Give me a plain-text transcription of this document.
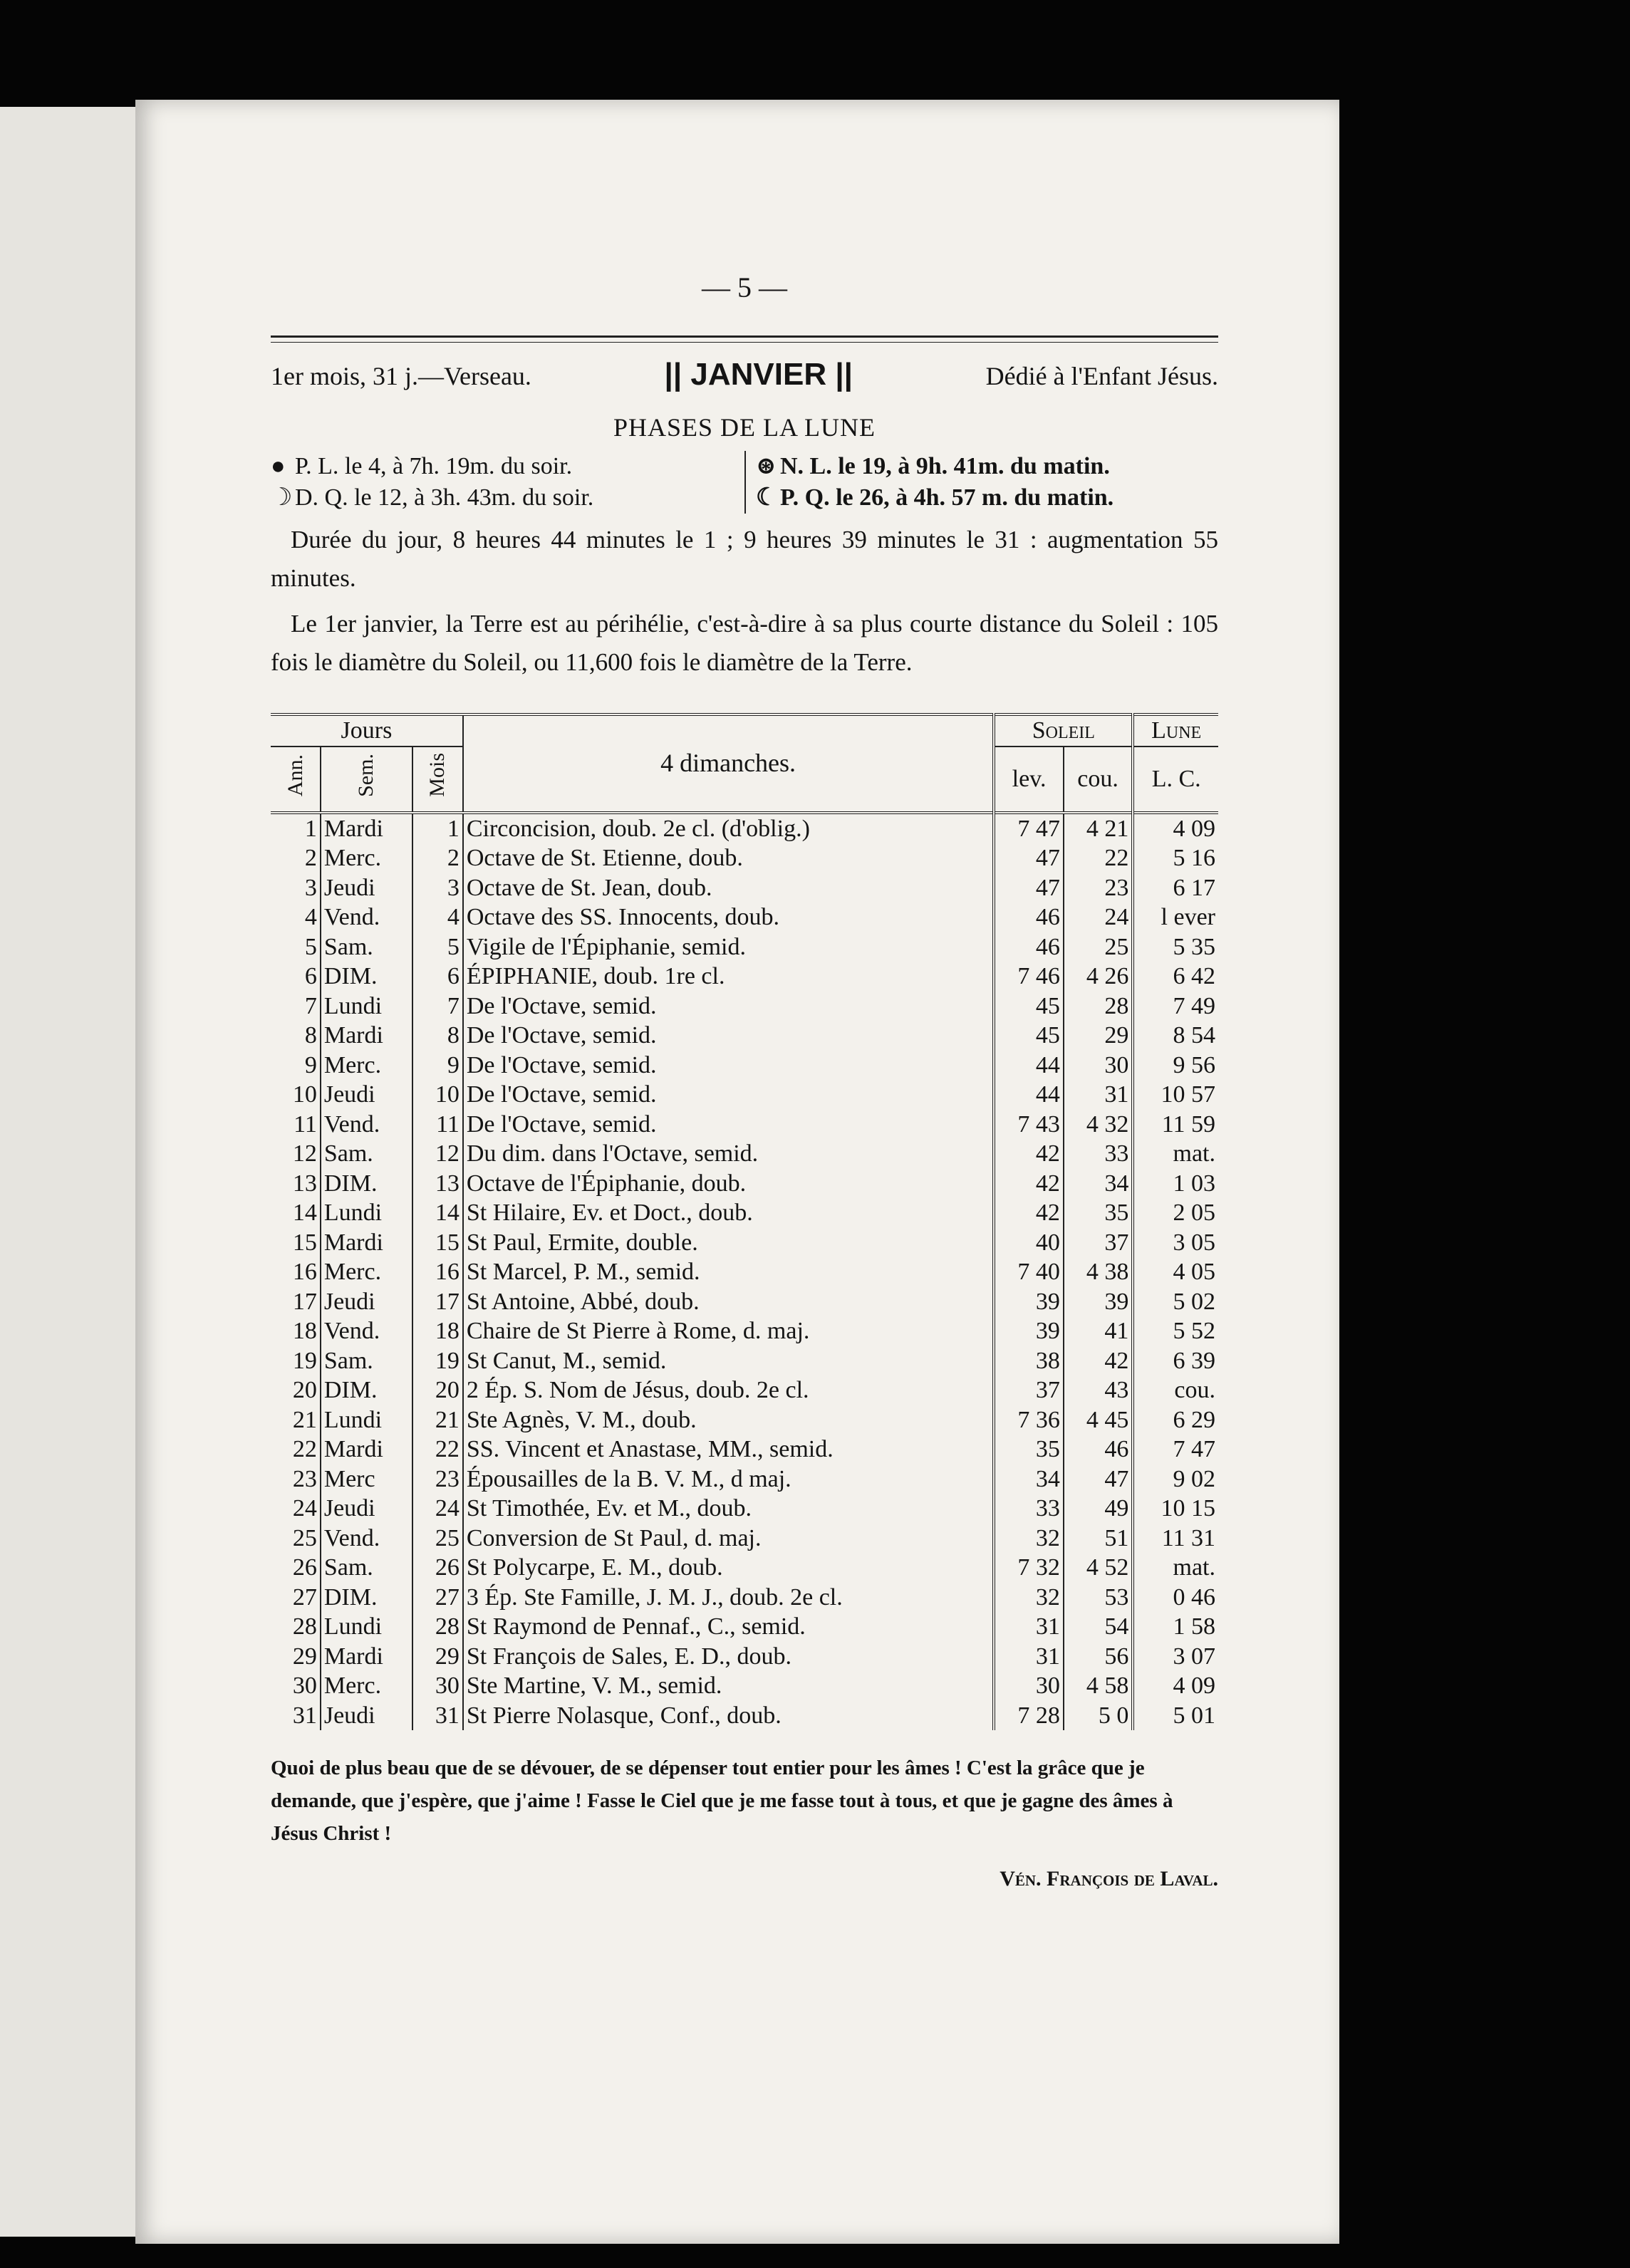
— 5 —
1er mois, 31 j.—Verseau.	|| JANVIER ||	Dédié à l'Enfant Jésus.
PHASES DE LA LUNE
● P. L. le 4, à 7h. 19m. du soir.	⊛ N. L. le 19, à 9h. 41m. du matin.
☽ D. Q. le 12, à 3h. 43m. du soir.	☾ P. Q. le 26, à 4h. 57 m. du matin.

Durée du jour, 8 heures 44 minutes le 1 ; 9 heures 39 minutes le 31 : augmentation 55 minutes.

Le 1er janvier, la Terre est au périhélie, c'est-à-dire à sa plus courte distance du Soleil : 105 fois le diamètre du Soleil, ou 11,600 fois le diamètre de la Terre.

Jours			4 dimanches.	Soleil		Lune
Ann.	Sem.	Mois		lev.	cou.	L. C.
1	Mardi	1	Circoncision, doub. 2e cl. (d'oblig.)	7 47	4 21	4 09
2	Merc.	2	Octave de St. Etienne, doub.	47	22	5 16
3	Jeudi	3	Octave de St. Jean, doub.	47	23	6 17
4	Vend.	4	Octave des SS. Innocents, doub.	46	24	l ever
5	Sam.	5	Vigile de l'Épiphanie, semid.	46	25	5 35
6	DIM.	6	ÉPIPHANIE, doub. 1re cl.	7 46	4 26	6 42
7	Lundi	7	De l'Octave, semid.	45	28	7 49
8	Mardi	8	De l'Octave, semid.	45	29	8 54
9	Merc.	9	De l'Octave, semid.	44	30	9 56
10	Jeudi	10	De l'Octave, semid.	44	31	10 57
11	Vend.	11	De l'Octave, semid.	7 43	4 32	11 59
12	Sam.	12	Du dim. dans l'Octave, semid.	42	33	mat.
13	DIM.	13	Octave de l'Épiphanie, doub.	42	34	1 03
14	Lundi	14	St Hilaire, Ev. et Doct., doub.	42	35	2 05
15	Mardi	15	St Paul, Ermite, double.	40	37	3 05
16	Merc.	16	St Marcel, P. M., semid.	7 40	4 38	4 05
17	Jeudi	17	St Antoine, Abbé, doub.	39	39	5 02
18	Vend.	18	Chaire de St Pierre à Rome, d. maj.	39	41	5 52
19	Sam.	19	St Canut, M., semid.	38	42	6 39
20	DIM.	20	2 Ép. S. Nom de Jésus, doub. 2e cl.	37	43	cou.
21	Lundi	21	Ste Agnès, V. M., doub.	7 36	4 45	6 29
22	Mardi	22	SS. Vincent et Anastase, MM., semid.	35	46	7 47
23	Merc	23	Épousailles de la B. V. M., d maj.	34	47	9 02
24	Jeudi	24	St Timothée, Ev. et M., doub.	33	49	10 15
25	Vend.	25	Conversion de St Paul, d. maj.	32	51	11 31
26	Sam.	26	St Polycarpe, E. M., doub.	7 32	4 52	mat.
27	DIM.	27	3 Ép. Ste Famille, J. M. J., doub. 2e cl.	32	53	0 46
28	Lundi	28	St Raymond de Pennaf., C., semid.	31	54	1 58
29	Mardi	29	St François de Sales, E. D., doub.	31	56	3 07
30	Merc.	30	Ste Martine, V. M., semid.	30	4 58	4 09
31	Jeudi	31	St Pierre Nolasque, Conf., doub.	7 28	5 0	5 01
Quoi de plus beau que de se dévouer, de se dépenser tout entier pour les âmes ! C'est la grâce que je demande, que j'espère, que j'aime ! Fasse le Ciel que je me fasse tout à tous, et que je gagne des âmes à Jésus Christ !
Vén. François de Laval.
